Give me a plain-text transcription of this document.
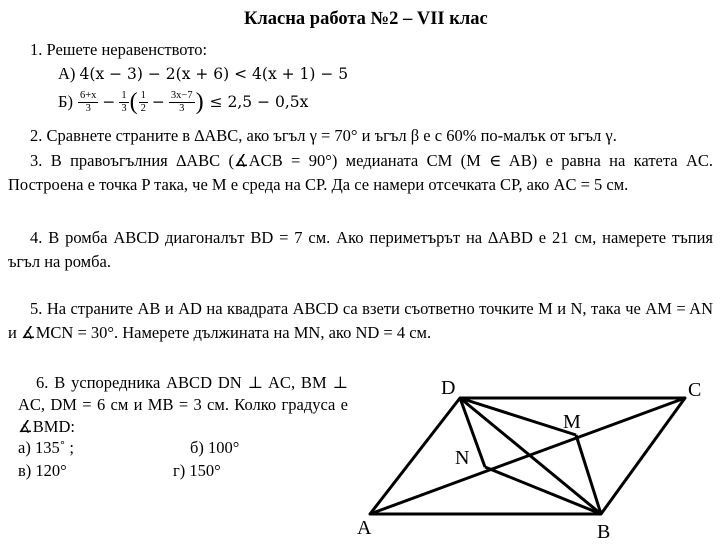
Класна работа №2 – VII клас
1. Решете неравенството:
А) 4(x − 3) − 2(x + 6) < 4(x + 1) − 5
$Б) \frac{6+x}{3} - \frac{1}{3}$ ( $\frac{1}{2} - \frac{3x-7}{3}$ ) ≤ 2,5 − 0,5x
2. Сравнете страните в ∆ABC, ако ъгъл γ = 70° и ъгъл β е с 60% по-малък от ъгъл γ.
3. В правоъгълния ∆ABC (∡ACB = 90°) медианата CM (M ∈ AB) е равна на катета AC. Построена е точка P така, че M е среда на CP. Да се намери отсечката CP, aко AC = 5 см.
4. В ромба ABCD диагоналът BD = 7 см. Ако периметърът на ∆ABD е 21 см, намерете тъпия ъгъл на ромба.
5. На страните AB и AD на квадрата ABCD са взети съответно точките M и N, така че AM = AN и ∡MCN = 30°. Намерете дължината на MN, ако ND = 4 см.
6. В успоредника ABCD DN ⊥ AC, BM ⊥ AC, DM = 6 см и MB = 3 см. Колко градуса е ∡BMD:
а) 135˚ ;	б) 100°
в) 120°	г) 150°
A	B
C
D
M
N
